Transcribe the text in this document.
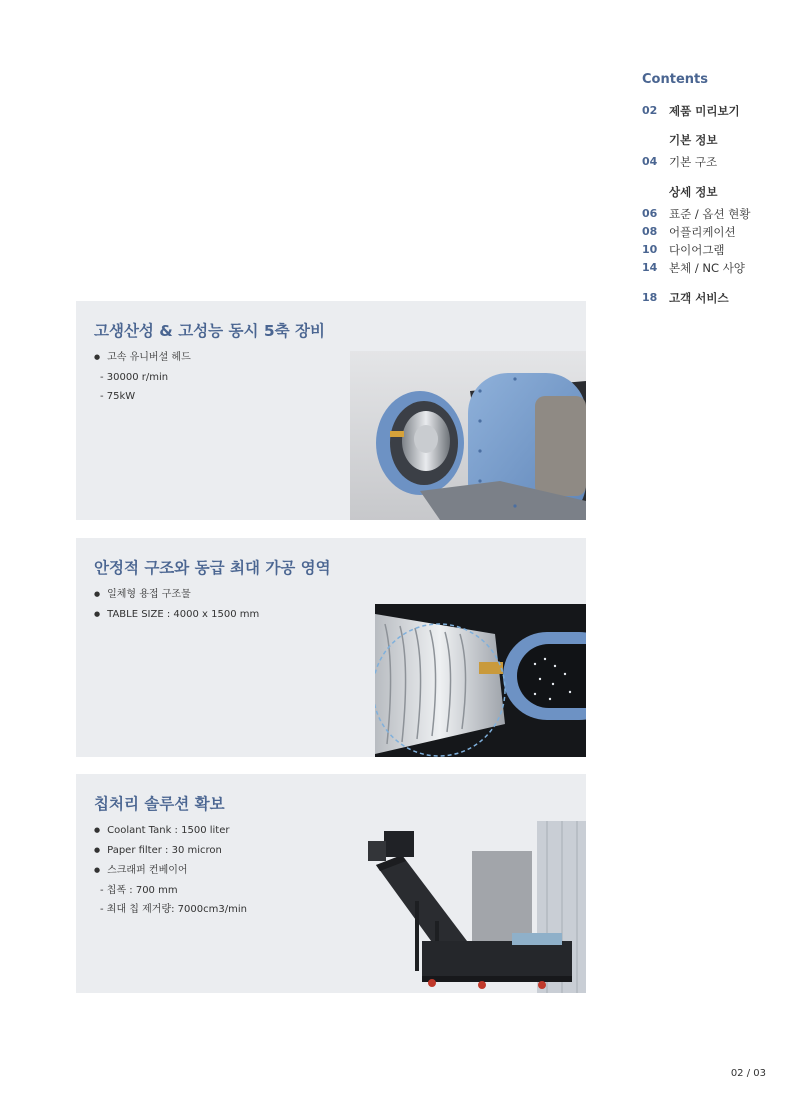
Contents
02	제품 미리보기
기본 정보
04	기본 구조
상세 정보
06	표준 / 옵션 현황
08	어플리케이션
10	다이어그램
14	본체 / NC 사양
18	고객 서비스
고생산성 & 고성능 동시 5축 장비
● 고속 유니버셜 헤드
- 30000 r/min
- 75kW
안정적 구조와 동급 최대 가공 영역
● 일체형 용접 구조물
● TABLE SIZE : 4000 x 1500 mm
칩처리 솔루션 확보
● Coolant Tank : 1500 liter
● Paper filter : 30 micron
● 스크래퍼 컨베이어
- 칩폭 : 700 mm
- 최대 칩 제거량: 7000cm3/min
02 / 03
